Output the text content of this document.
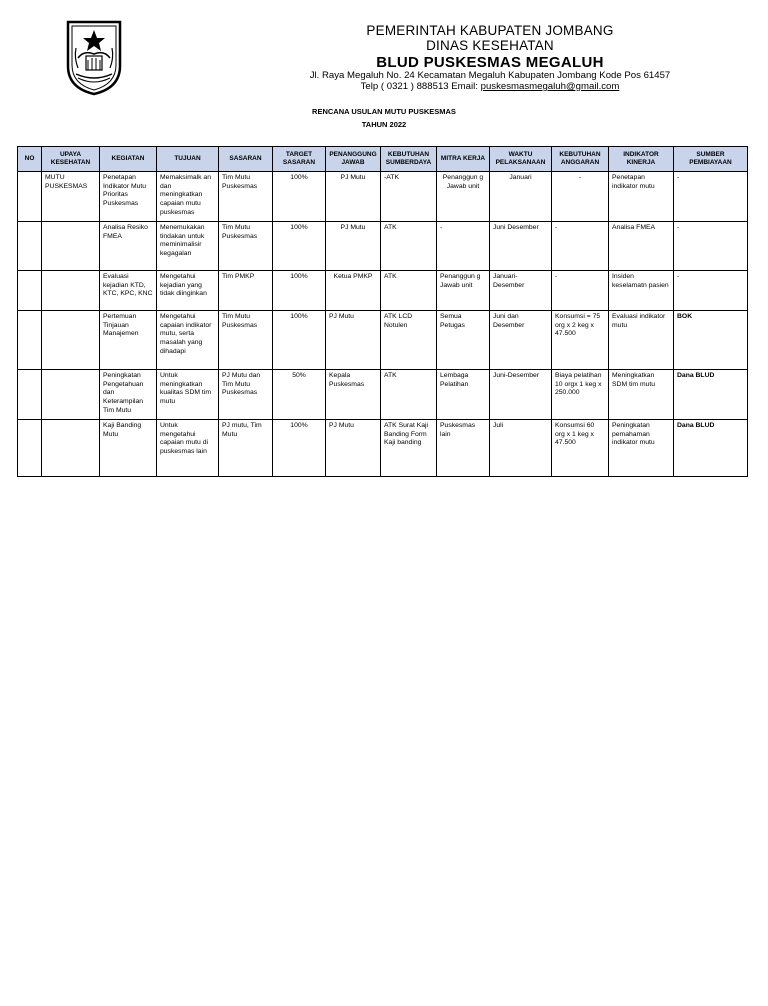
PEMERINTAH KABUPATEN JOMBANG
DINAS KESEHATAN
BLUD PUSKESMAS MEGALUH
Jl. Raya Megaluh No. 24 Kecamatan Megaluh Kabupaten Jombang Kode Pos 61457
Telp ( 0321 ) 888513 Email: puskesmasmegaluh@gmail.com
RENCANA USULAN MUTU PUSKESMAS
TAHUN 2022
NO	UPAYA KESEHATAN	KEGIATAN	TUJUAN	SASARAN	TARGET SASARAN	PENANGGUNG JAWAB	KEBUTUHAN SUMBERDAYA	MITRA KERJA	WAKTU PELAKSANAAN	KEBUTUHAN ANGGARAN	INDIKATOR KINERJA	SUMBER PEMBIAYAAN
	MUTU PUSKESMAS	Penetapan Indikator Mutu Prioritas Puskesmas	Memaksimalk an dan meningkatkan capaian mutu puskesmas	Tim Mutu Puskesmas	100%	PJ Mutu	-ATK	Penanggun g Jawab unit	Januari	-	Penetapan indikator mutu	-
		Analisa Resiko FMEA	Menemukakan tindakan untuk meminimalisir kegagalan	Tim Mutu Puskesmas	100%	PJ Mutu	ATK	-	Juni Desember	-	Analisa FMEA	-
		Evaluasi kejadian KTD, KTC, KPC, KNC	Mengetahui kejadian yang tidak diinginkan	Tim PMKP	100%	Ketua PMKP	ATK	Penanggun g Jawab unit	Januari- Desember	-	Insiden keselamatn pasien	-
		Pertemuan Tinjauan Manajemen	Mengetahui capaian indikator mutu, serta masalah yang dihadapi	Tim Mutu Puskesmas	100%	PJ Mutu	ATK LCD Notulen	Semua Petugas	Juni dan Desember	Konsumsi = 75 org x 2 keg x 47.500	Evaluasi indikator mutu	BOK
		Peningkatan Pengetahuan dan Keterampilan Tim Mutu	Untuk meningkatkan kualitas SDM tim mutu	PJ Mutu dan Tim Mutu Puskesmas	50%	Kepala Puskesmas	ATK	Lembaga Pelatihan	Juni-Desember	Biaya pelatihan 10 orgx 1 keg x 250.000	Meningkatkan SDM tim mutu	Dana BLUD
		Kaji Banding Mutu	Untuk mengetahui capaian mutu di puskesmas lain	PJ mutu, Tim Mutu	100%	PJ Mutu	ATK Surat Kaji Banding Form Kaji banding	Puskesmas lain	Juli	Konsumsi 60 org x 1 keg x 47.500	Peningkatan pemahaman indikator mutu	Dana BLUD
